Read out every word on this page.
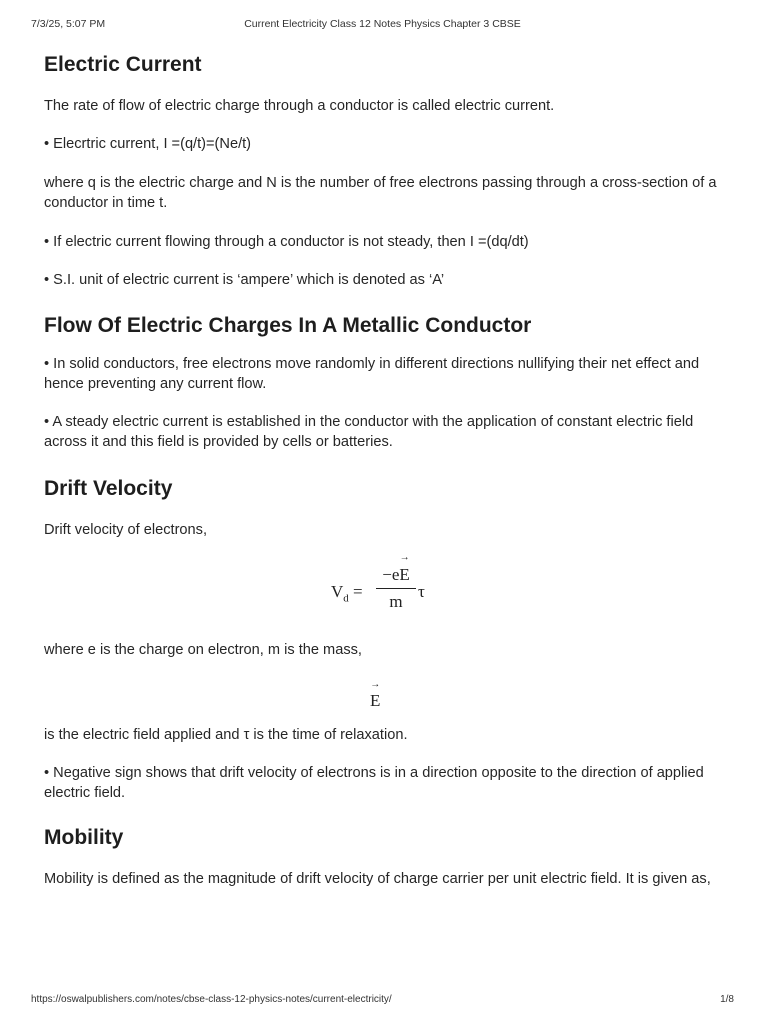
7/3/25, 5:07 PM	Current Electricity Class 12 Notes Physics Chapter 3 CBSE
Electric Current

The rate of flow of electric charge through a conductor is called electric current.

• Elecrtric current, I =(q/t)=(Ne/t)

where q is the electric charge and N is the number of free electrons passing through a cross-section of a conductor in time t.

• If electric current flowing through a conductor is not steady, then I =(dq/dt)

• S.I. unit of electric current is ‘ampere’ which is denoted as ‘A’

Flow Of Electric Charges In A Metallic Conductor

• In solid conductors, free electrons move randomly in different directions nullifying their net effect and hence preventing any current flow.

• A steady electric current is established in the conductor with the application of constant electric field across it and this field is provided by cells or batteries.

Drift Velocity

Drift velocity of electrons,

$V_d$ =
−e→ E
m
τ

where e is the charge on electron, m is the mass,

→ E

is the electric field applied and τ is the time of relaxation.

• Negative sign shows that drift velocity of electrons is in a direction opposite to the direction of applied electric field.

Mobility

Mobility is defined as the magnitude of drift velocity of charge carrier per unit electric field. It is given as,

https://oswalpublishers.com/notes/cbse-class-12-physics-notes/current-electricity/	1/8
